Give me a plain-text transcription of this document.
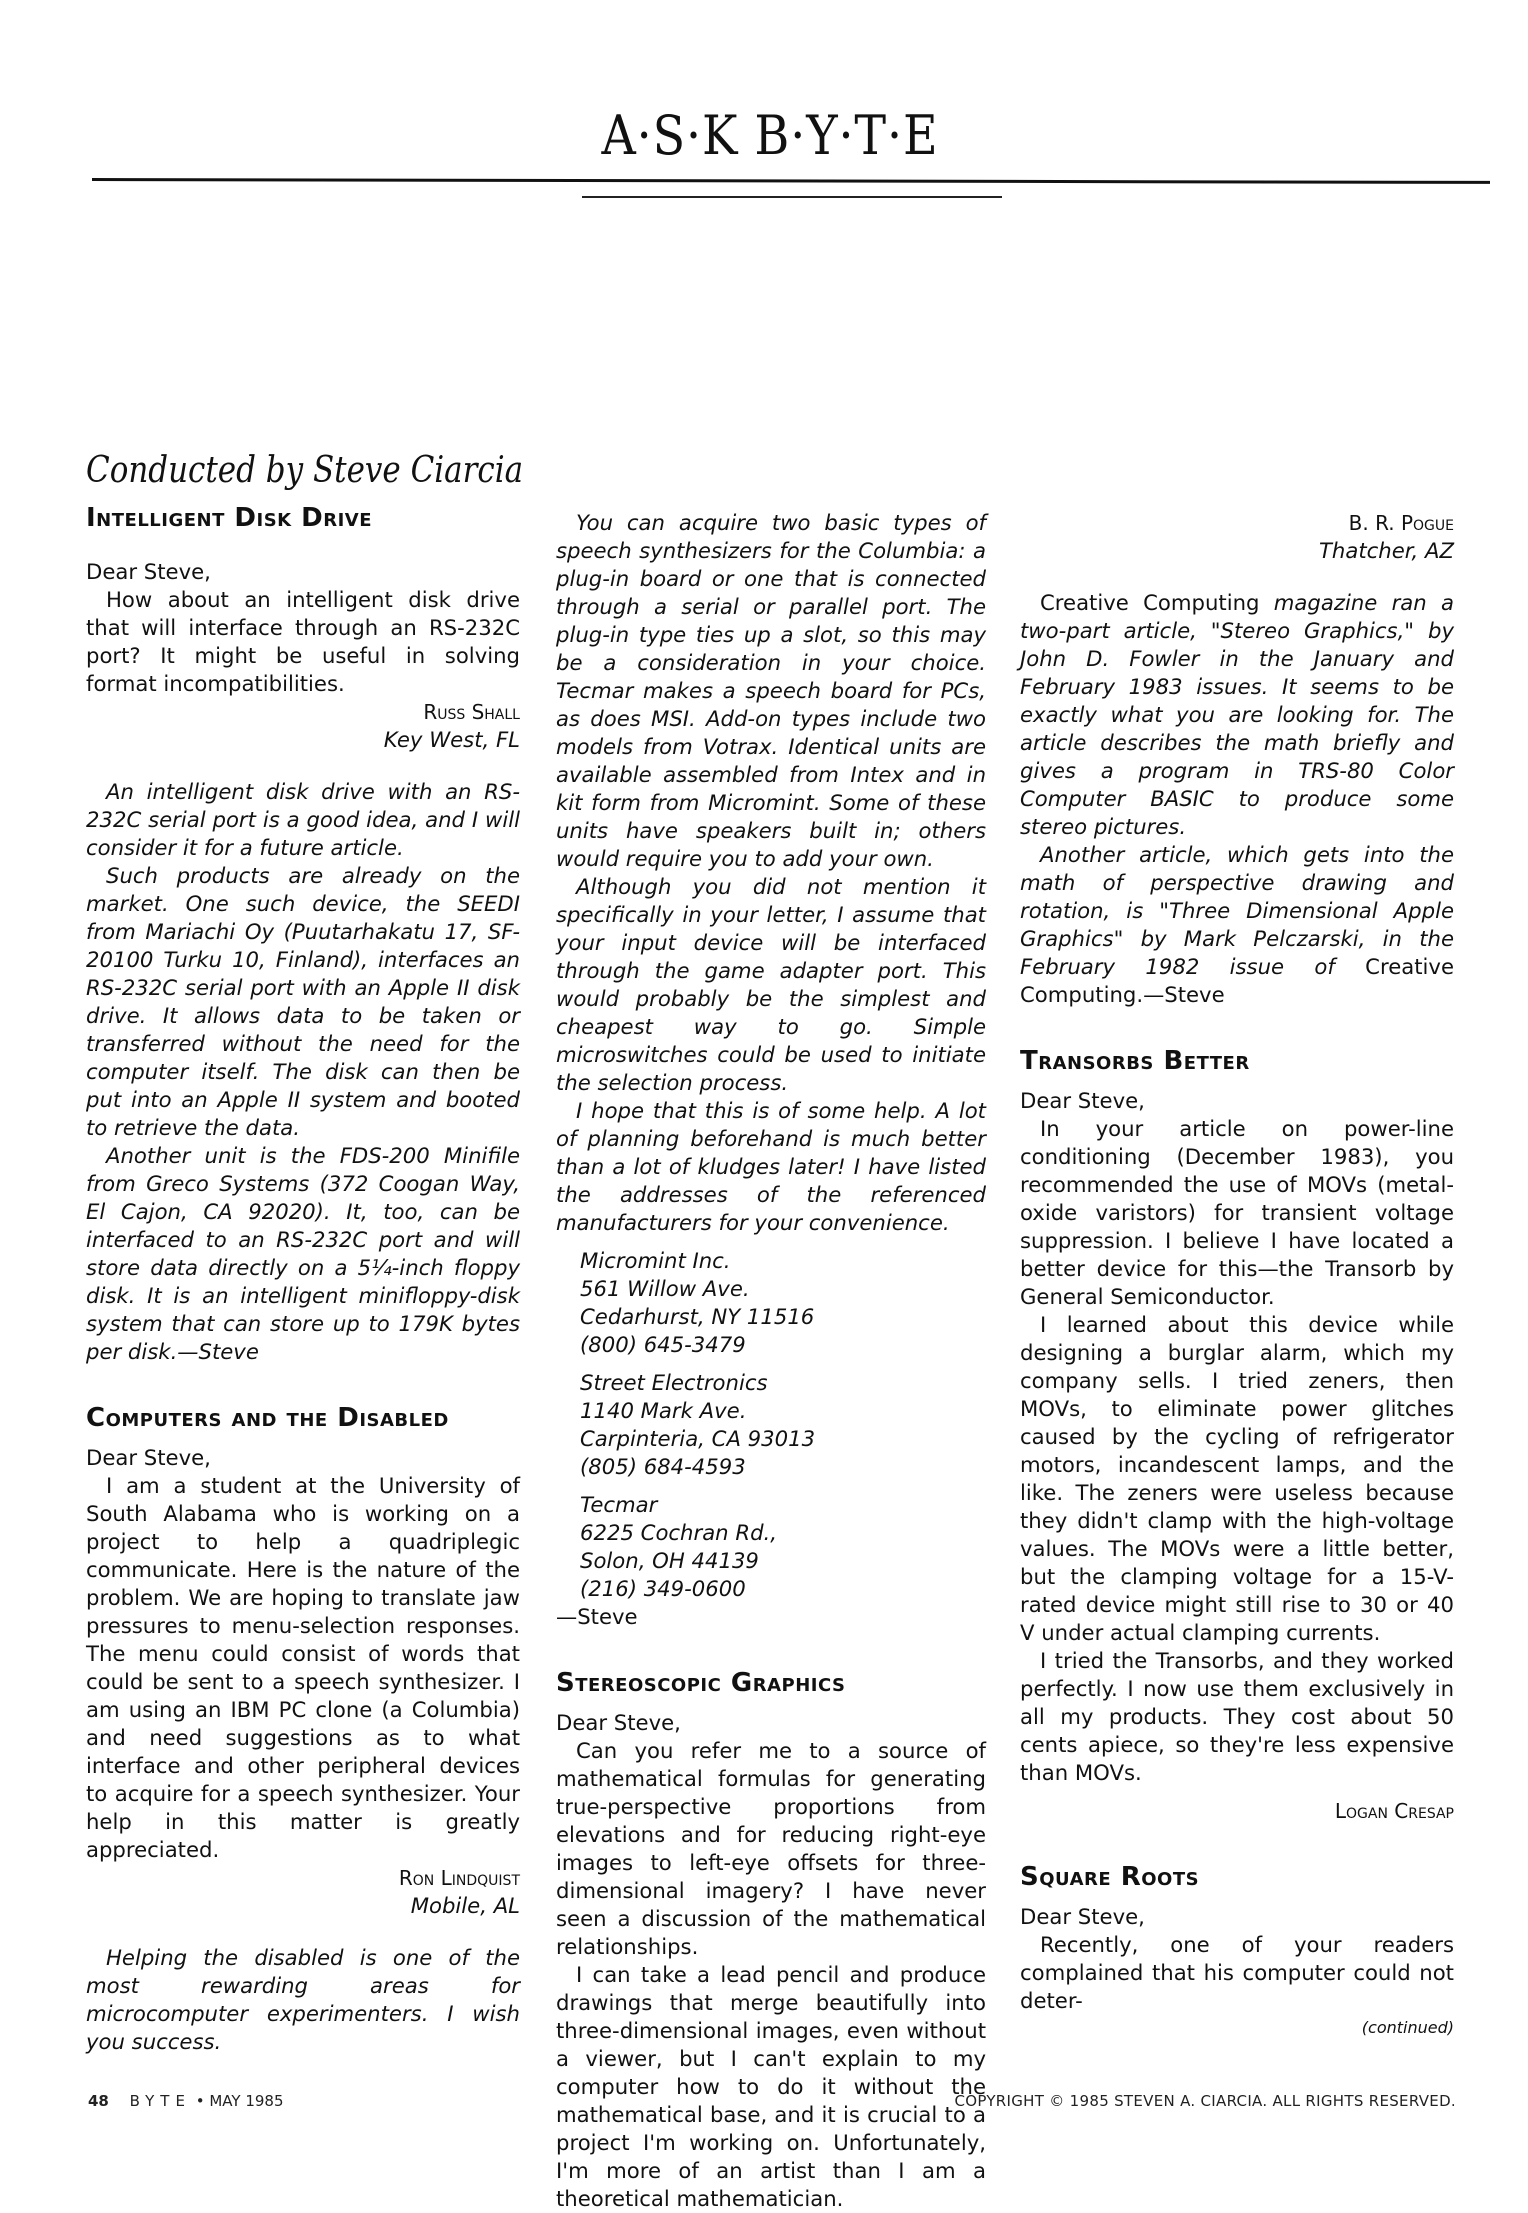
A·S·K B·Y·T·E
Conducted by Steve Ciarcia
Intelligent Disk Drive

Dear Steve,

How about an intelligent disk drive that will interface through an RS-232C port? It might be useful in solving format incompatibilities.

Russ Shall

Key West, FL

An intelligent disk drive with an RS-232C serial port is a good idea, and I will consider it for a future article.

Such products are already on the market. One such device, the SEEDI from Mariachi Oy (Puutarhakatu 17, SF-20100 Turku 10, Finland), interfaces an RS-232C serial port with an Apple II disk drive. It allows data to be taken or transferred without the need for the computer itself. The disk can then be put into an Apple II system and booted to retrieve the data.

Another unit is the FDS-200 Minifile from Greco Systems (372 Coogan Way, El Cajon, CA 92020). It, too, can be interfaced to an RS-232C port and will store data directly on a 5¼-inch floppy disk. It is an intelligent minifloppy-disk system that can store up to 179K bytes per disk.—Steve

Computers and the Disabled

Dear Steve,

I am a student at the University of South Alabama who is working on a project to help a quadriplegic communicate. Here is the nature of the problem. We are hoping to translate jaw pressures to menu-selection responses. The menu could consist of words that could be sent to a speech synthesizer. I am using an IBM PC clone (a Columbia) and need suggestions as to what interface and other peripheral devices to acquire for a speech synthesizer. Your help in this matter is greatly appreciated.

Ron Lindquist

Mobile, AL

Helping the disabled is one of the most rewarding areas for microcomputer experimenters. I wish you success.

You can acquire two basic types of speech synthesizers for the Columbia: a plug-in board or one that is connected through a serial or parallel port. The plug-in type ties up a slot, so this may be a consideration in your choice. Tecmar makes a speech board for PCs, as does MSI. Add-on types include two models from Votrax. Identical units are available assembled from Intex and in kit form from Micromint. Some of these units have speakers built in; others would require you to add your own.

Although you did not mention it specifically in your letter, I assume that your input device will be interfaced through the game adapter port. This would probably be the simplest and cheapest way to go. Simple microswitches could be used to initiate the selection process.

I hope that this is of some help. A lot of planning beforehand is much better than a lot of kludges later! I have listed the addresses of the referenced manufacturers for your convenience.

Micromint Inc.
561 Willow Ave.
Cedarhurst, NY 11516
(800) 645-3479
Street Electronics
1140 Mark Ave.
Carpinteria, CA 93013
(805) 684-4593
Tecmar
6225 Cochran Rd.,
Solon, OH 44139
(216) 349-0600

—Steve

Stereoscopic Graphics

Dear Steve,

Can you refer me to a source of mathematical formulas for generating true-perspective proportions from elevations and for reducing right-eye images to left-eye offsets for three-dimensional imagery? I have never seen a discussion of the mathematical relationships.

I can take a lead pencil and produce drawings that merge beautifully into three-dimensional images, even without a viewer, but I can't explain to my computer how to do it without the mathematical base, and it is crucial to a project I'm working on. Unfortunately, I'm more of an artist than I am a theoretical mathematician.

B. R. Pogue

Thatcher, AZ

Creative Computing magazine ran a two-part article, "Stereo Graphics," by John D. Fowler in the January and February 1983 issues. It seems to be exactly what you are looking for. The article describes the math briefly and gives a program in TRS-80 Color Computer BASIC to produce some stereo pictures.

Another article, which gets into the math of perspective drawing and rotation, is "Three Dimensional Apple Graphics" by Mark Pelczarski, in the February 1982 issue of Creative Computing.—Steve

Transorbs Better

Dear Steve,

In your article on power-line conditioning (December 1983), you recommended the use of MOVs (metal-oxide varistors) for transient voltage suppression. I believe I have located a better device for this—the Transorb by General Semiconductor.

I learned about this device while designing a burglar alarm, which my company sells. I tried zeners, then MOVs, to eliminate power glitches caused by the cycling of refrigerator motors, incandescent lamps, and the like. The zeners were useless because they didn't clamp with the high-voltage values. The MOVs were a little better, but the clamping voltage for a 15-V-rated device might still rise to 30 or 40 V under actual clamping currents.

I tried the Transorbs, and they worked perfectly. I now use them exclusively in all my products. They cost about 50 cents apiece, so they're less expensive than MOVs.

Logan Cresap

Square Roots

Dear Steve,

Recently, one of your readers complained that his computer could not deter-

(continued)
48 BYTE • MAY 1985	COPYRIGHT © 1985 STEVEN A. CIARCIA. ALL RIGHTS RESERVED.
